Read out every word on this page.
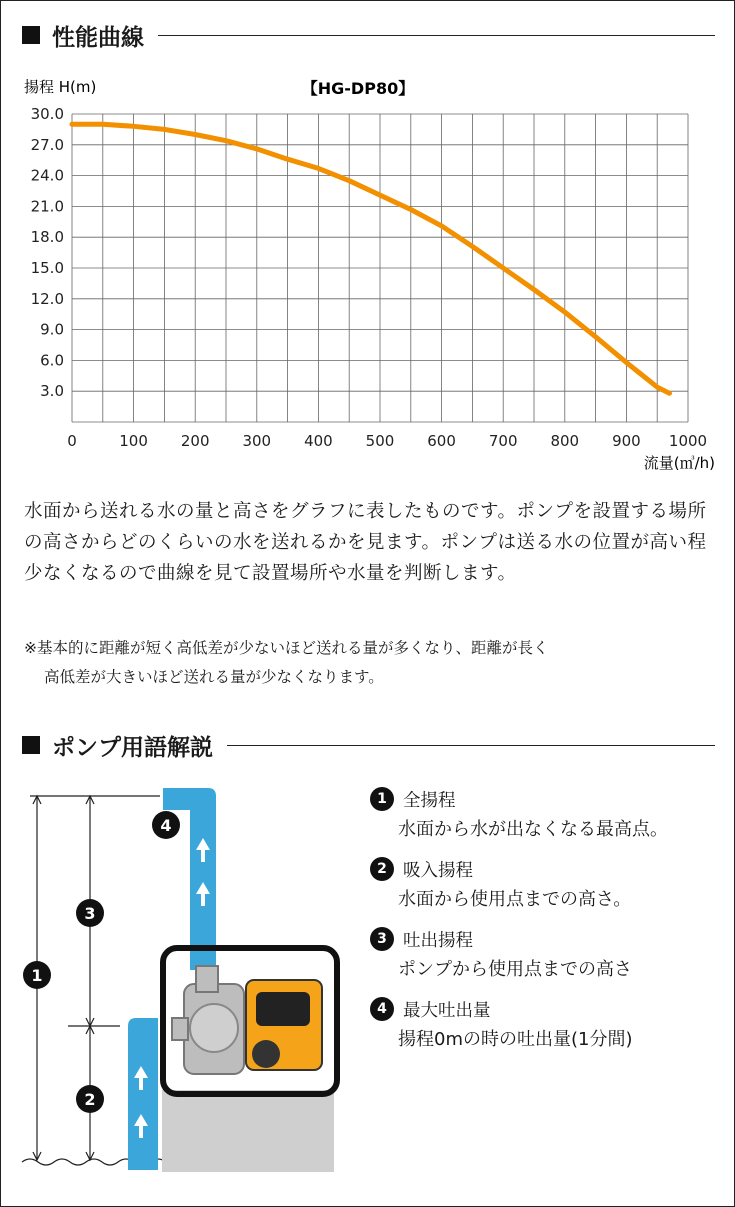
性能曲線
0	100 200 300 400 500 600 700 800 900 1000
3.0
6.0
9.0
12.0
15.0
18.0
21.0
24.0
27.0
30.0
【HG-DP80】
揚程 H(m)
流量(㎥/h)
水面から送れる水の量と高さをグラフに表したものです。ポンプを設置する場所の高さからどのくらいの水を送れるかを見ます。ポンプは送る水の位置が高い程少なくなるので曲線を見て設置場所や水量を判断します。
※基本的に距離が短く高低差が少ないほど送れる量が多くなり、距離が長く
高低差が大きいほど送れる量が少なくなります。
ポンプ用語解説
1
2
3
4
1 全揚程
水面から水が出なくなる最高点。
2 吸入揚程
水面から使用点までの高さ。
3 吐出揚程
ポンプから使用点までの高さ
4 最大吐出量
揚程0mの時の吐出量(1分間)
